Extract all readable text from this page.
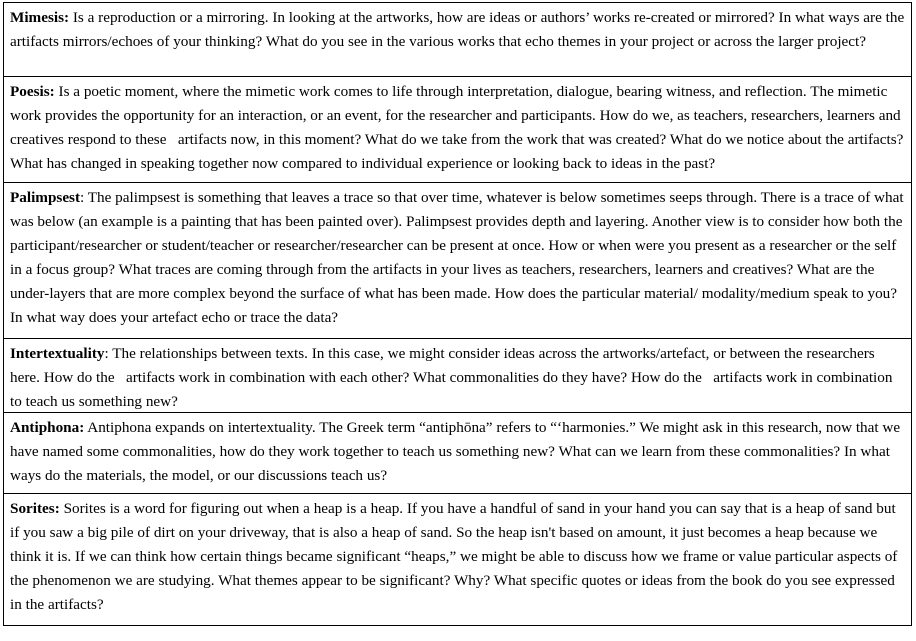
Mimesis: Is a reproduction or a mirroring. In looking at the artworks, how are ideas or authors’ works re-created or mirrored? In what ways are the   artifacts mirrors/echoes of your thinking? What do you see in the various works that echo themes in your project or across the larger project?
Poesis: Is a poetic moment, where the mimetic work comes to life through interpretation, dialogue, bearing witness, and reflection. The mimetic work provides the opportunity for an interaction, or an event, for the researcher and participants. How do we, as teachers, researchers, learners and creatives respond to these   artifacts now, in this moment? What do we take from the work that was created? What do we notice about the artifacts? What has changed in speaking together now compared to individual experience or looking back to ideas in the past?
Palimpsest: The palimpsest is something that leaves a trace so that over time, whatever is below sometimes seeps through. There is a trace of what was below (an example is a painting that has been painted over). Palimpsest provides depth and layering. Another view is to consider how both the participant/researcher or student/teacher or researcher/researcher can be present at once. How or when were you present as a researcher or the self in a focus group? What traces are coming through from the artifacts in your lives as teachers, researchers, learners and creatives? What are the under-layers that are more complex beyond the surface of what has been made. How does the particular material/ modality/medium speak to you? In what way does your artefact echo or trace the data?
Intertextuality: The relationships between texts. In this case, we might consider ideas across the artworks/artefact, or between the researchers here. How do the   artifacts work in combination with each other? What commonalities do they have? How do the   artifacts work in combination to teach us something new?
Antiphona: Antiphona expands on intertextuality. The Greek term “antiphōna” refers to “‘harmonies.” We might ask in this research, now that we have named some commonalities, how do they work together to teach us something new? What can we learn from these commonalities? In what ways do the materials, the model, or our discussions teach us?
Sorites: Sorites is a word for figuring out when a heap is a heap. If you have a handful of sand in your hand you can say that is a heap of sand but if you saw a big pile of dirt on your driveway, that is also a heap of sand. So the heap isn't based on amount, it just becomes a heap because we think it is. If we can think how certain things became significant “heaps,” we might be able to discuss how we frame or value particular aspects of the phenomenon we are studying. What themes appear to be significant? Why? What specific quotes or ideas from the book do you see expressed in the artifacts?
